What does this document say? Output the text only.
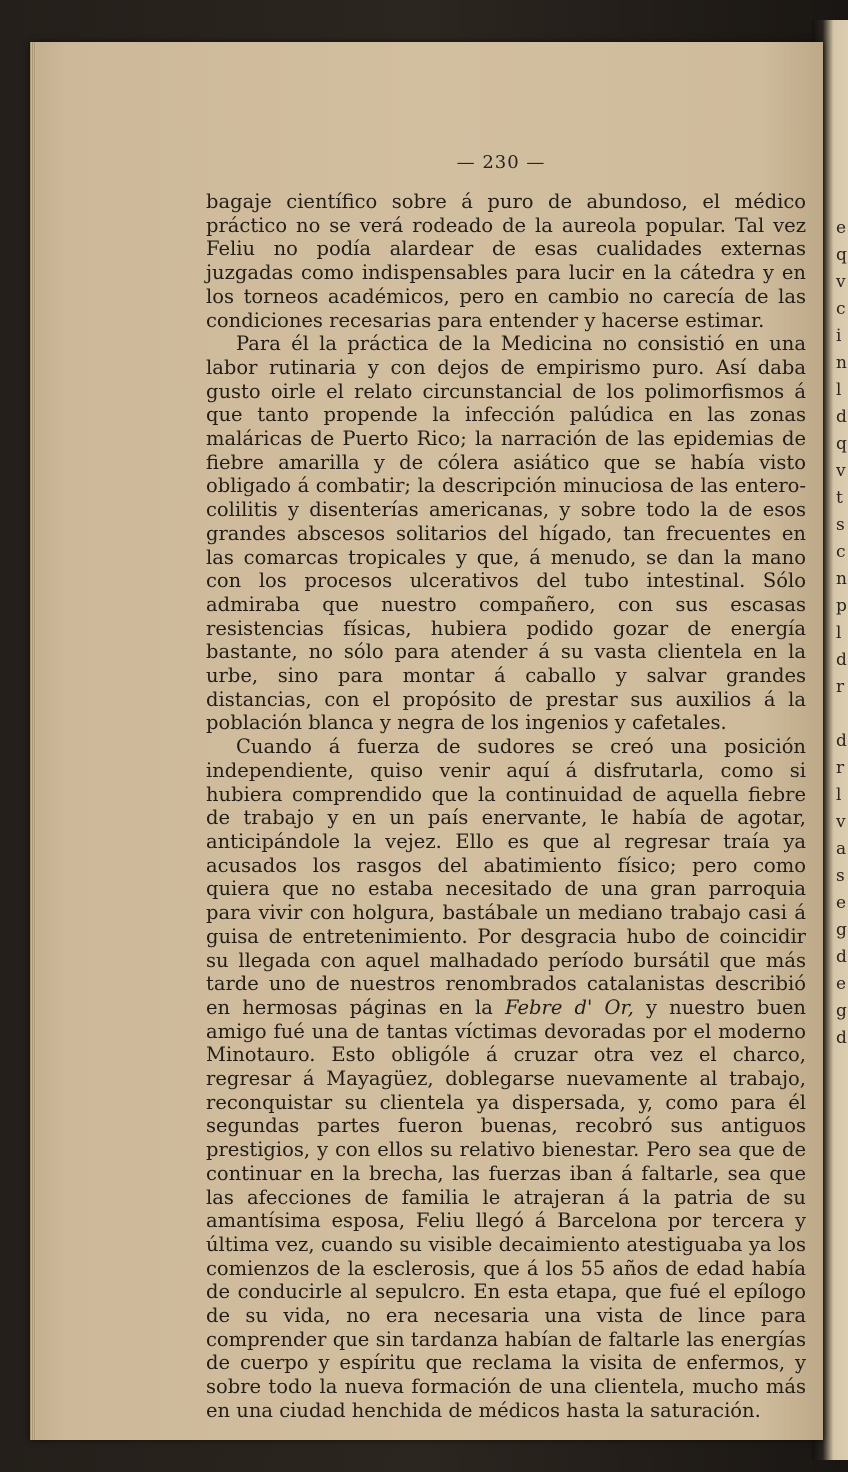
e
q
v
c
i
n
l
d
q
v
t
s
c
n
p
l
d
r
d
r
l
v
a
s
e
g
d
e
g
d
— 230 —

bagaje científico sobre á puro de abundoso, el médico práctico no se verá rodeado de la aureola popular. Tal vez Feliu no podía alardear de esas cualidades externas juzgadas como indispensables para lucir en la cátedra y en los torneos académicos, pero en cambio no carecía de las condiciones recesarias para entender y hacerse estimar.

Para él la práctica de la Medicina no consistió en una labor rutinaria y con dejos de empirismo puro. Así daba gusto oirle el relato circunstancial de los polimorfismos á que tanto propende la infección palúdica en las zonas maláricas de Puerto Rico; la narración de las epidemias de fiebre amarilla y de cólera asiático que se había visto obligado á combatir; la descripción minuciosa de las entero-colilitis y disenterías americanas, y sobre todo la de esos grandes abscesos solitarios del hígado, tan frecuentes en las comarcas tropicales y que, á menudo, se dan la mano con los procesos ulcerativos del tubo intestinal. Sólo admiraba que nuestro compañero, con sus escasas resistencias físicas, hubiera podido gozar de energía bastante, no sólo para atender á su vasta clientela en la urbe, sino para montar á caballo y salvar grandes distancias, con el propósito de prestar sus auxilios á la población blanca y negra de los ingenios y cafetales.

Cuando á fuerza de sudores se creó una posición independiente, quiso venir aquí á disfrutarla, como si hubiera comprendido que la continuidad de aquella fiebre de trabajo y en un país enervante, le había de agotar, anticipándole la vejez. Ello es que al regresar traía ya acusados los rasgos del abatimiento físico; pero como quiera que no estaba necesitado de una gran parroquia para vivir con holgura, bastábale un mediano trabajo casi á guisa de entretenimiento. Por desgracia hubo de coincidir su llegada con aquel malhadado período bursátil que más tarde uno de nuestros renombrados catalanistas describió en hermosas páginas en la Febre d' Or, y nuestro buen amigo fué una de tantas víctimas devoradas por el moderno Minotauro. Esto obligóle á cruzar otra vez el charco, regresar á Mayagüez, doblegarse nuevamente al trabajo, reconquistar su clientela ya dispersada, y, como para él segundas partes fueron buenas, recobró sus antiguos prestigios, y con ellos su relativo bienestar. Pero sea que de continuar en la brecha, las fuerzas iban á faltarle, sea que las afecciones de familia le atrajeran á la patria de su amantísima esposa, Feliu llegó á Barcelona por tercera y última vez, cuando su visible decaimiento atestiguaba ya los comienzos de la esclerosis, que á los 55 años de edad había de conducirle al sepulcro. En esta etapa, que fué el epílogo de su vida, no era necesaria una vista de lince para comprender que sin tardanza habían de faltarle las energías de cuerpo y espíritu que reclama la visita de enfermos, y sobre todo la nueva formación de una clientela, mucho más en una ciudad henchida de médicos hasta la saturación.
